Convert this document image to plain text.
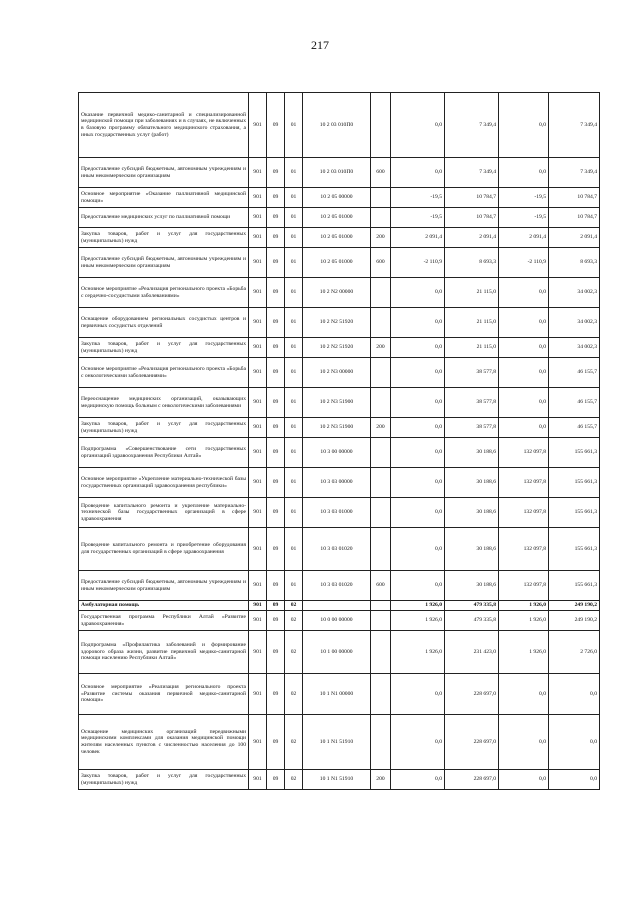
217
Оказание первичной медико-санитарной и специализированной медицинской помощи при заболеваниях и в случаях, не включенных в базовую программу обязательного медицинского страхования, а иных государственных услуг (работ)	901	09	01	10 2 03 010П0		0,0	7 349,4	0,0	7 349,4
Предоставление субсидий бюджетным, автономным учреждениям и иным некоммерческим организациям	901	09	01	10 2 03 010П0	600	0,0	7 349,4	0,0	7 349,4
Основное мероприятие «Оказание паллиативной медицинской помощи»	901	09	01	10 2 05 00000		-19,5	10 784,7	-19,5	10 784,7
Предоставление медицинских услуг по паллиативной помощи	901	09	01	10 2 05 01000		-19,5	10 784,7	-19,5	10 784,7
Закупка товаров, работ и услуг для государственных (муниципальных) нужд	901	09	01	10 2 05 01000	200	2 091,4	2 091,4	2 091,4	2 091,4
Предоставление субсидий бюджетным, автономным учреждениям и иным некоммерческим организациям	901	09	01	10 2 05 01000	600	-2 110,9	8 693,3	-2 110,9	8 693,3
Основное мероприятие «Реализация регионального проекта «Борьба с сердечно-сосудистыми заболеваниями»	901	09	01	10 2 N2 00000		0,0	21 115,0	0,0	34 002,3
Оснащение оборудованием региональных сосудистых центров и первичных сосудистых отделений	901	09	01	10 2 N2 51920		0,0	21 115,0	0,0	34 002,3
Закупка товаров, работ и услуг для государственных (муниципальных) нужд	901	09	01	10 2 N2 51920	200	0,0	21 115,0	0,0	34 002,3
Основное мероприятие «Реализация регионального проекта «Борьба с онкологическими заболеваниями»	901	09	01	10 2 N3 00000		0,0	38 577,8	0,0	46 155,7
Переоснащение медицинских организаций, оказывающих медицинскую помощь больным с онкологическими заболеваниями	901	09	01	10 2 N3 51900		0,0	38 577,8	0,0	46 155,7
Закупка товаров, работ и услуг для государственных (муниципальных) нужд	901	09	01	10 2 N3 51900	200	0,0	38 577,8	0,0	46 155,7
Подпрограмма «Совершенствование сети государственных организаций здравоохранения Республики Алтай»	901	09	01	10 3 00 00000		0,0	30 188,6	132 097,8	155 661,3
Основное мероприятие «Укрепление материально-технической базы государственных организаций здравоохранения республики»	901	09	01	10 3 03 00000		0,0	30 188,6	132 097,8	155 661,3
Проведение капитального ремонта и укрепление материально-технической базы государственных организаций в сфере здравоохранения	901	09	01	10 3 03 01000		0,0	30 188,6	132 097,8	155 661,3
Проведение капитального ремонта и приобретение оборудования для государственных организаций в сфере здравоохранения	901	09	01	10 3 03 01020		0,0	30 188,6	132 097,8	155 661,3
Предоставление субсидий бюджетным, автономным учреждениям и иным некоммерческим организациям	901	09	01	10 3 03 01020	600	0,0	30 188,6	132 097,8	155 661,3
Амбулаторная помощь	901	09	02			1 926,0	479 335,8	1 926,0	249 190,2
Государственная программа Республики Алтай «Развитие здравоохранения»	901	09	02	10 0 00 00000		1 926,0	479 335,8	1 926,0	249 190,2
Подпрограмма «Профилактика заболеваний и формирование здорового образа жизни, развитие первичной медико-санитарной помощи населению Республики Алтай»	901	09	02	10 1 00 00000		1 926,0	231 423,0	1 926,0	2 726,0
Основное мероприятие «Реализация регионального проекта «Развитие системы оказания первичной медико-санитарной помощи»	901	09	02	10 1 N1 00000		0,0	228 697,0	0,0	0,0
Оснащение медицинских организаций передвижными медицинскими комплексами для оказания медицинской помощи жителям населенных пунктов с численностью населения до 100 человек	901	09	02	10 1 N1 51910		0,0	228 697,0	0,0	0,0
Закупка товаров, работ и услуг для государственных (муниципальных) нужд	901	09	02	10 1 N1 51910	200	0,0	228 697,0	0,0	0,0
